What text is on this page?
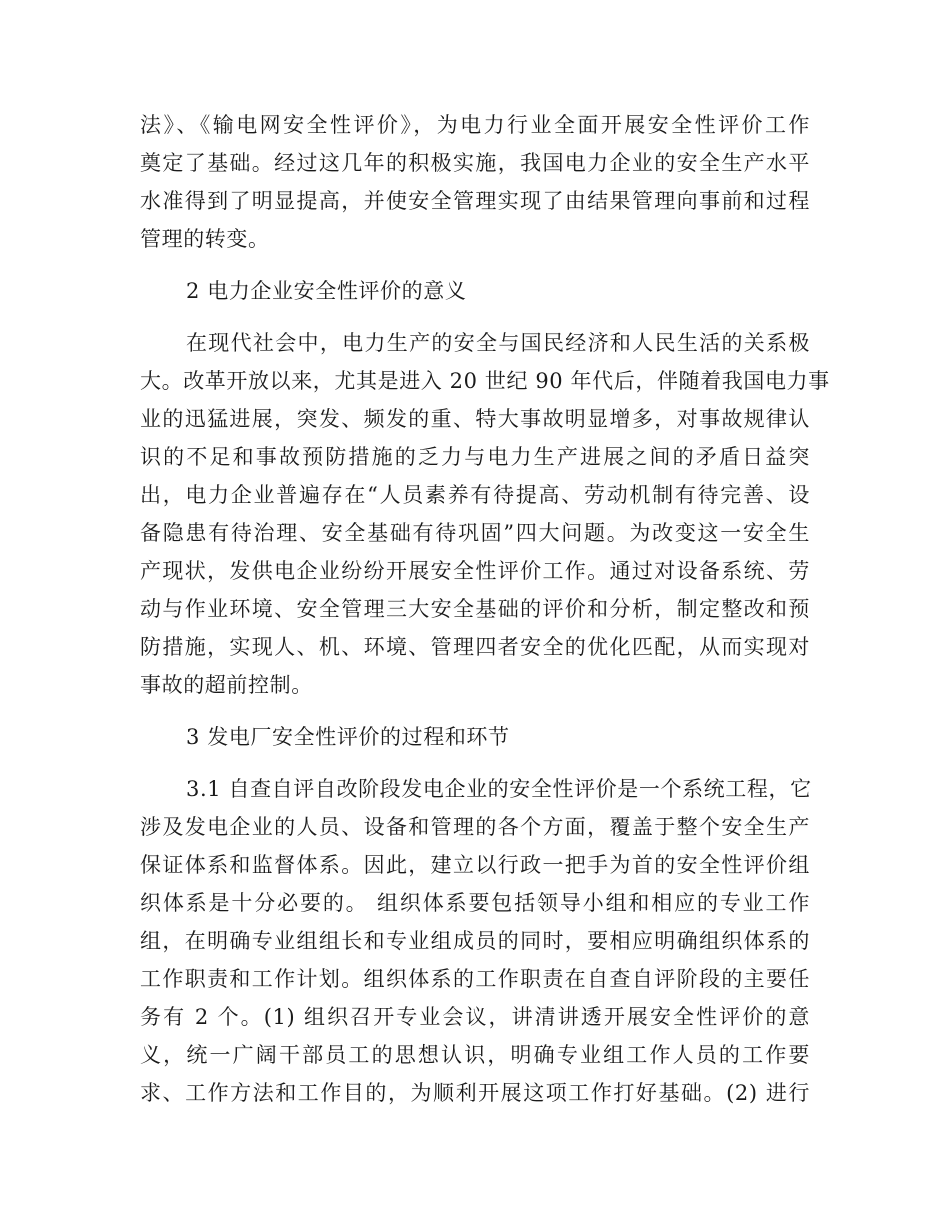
法》、《输电网安全性评价》，为电力行业全面开展安全性评价工作
奠定了基础。经过这几年的积极实施，我国电力企业的安全生产水平
水准得到了明显提高，并使安全管理实现了由结果管理向事前和过程
管理的转变。
2 电力企业安全性评价的意义
在现代社会中，电力生产的安全与国民经济和人民生活的关系极
大。改革开放以来，尤其是进入 20 世纪 90 年代后，伴随着我国电力事
业的迅猛进展，突发、频发的重、特大事故明显增多，对事故规律认
识的不足和事故预防措施的乏力与电力生产进展之间的矛盾日益突
出，电力企业普遍存在“人员素养有待提高、劳动机制有待完善、设
备隐患有待治理、安全基础有待巩固”四大问题。为改变这一安全生
产现状，发供电企业纷纷开展安全性评价工作。通过对设备系统、劳
动与作业环境、安全管理三大安全基础的评价和分析，制定整改和预
防措施，实现人、机、环境、管理四者安全的优化匹配，从而实现对
事故的超前控制。
3 发电厂安全性评价的过程和环节
3.1 自查自评自改阶段发电企业的安全性评价是一个系统工程，它
涉及发电企业的人员、设备和管理的各个方面，覆盖于整个安全生产
保证体系和监督体系。因此，建立以行政一把手为首的安全性评价组
织体系是十分必要的。 组织体系要包括领导小组和相应的专业工作
组，在明确专业组组长和专业组成员的同时，要相应明确组织体系的
工作职责和工作计划。组织体系的工作职责在自查自评阶段的主要任
务有 2 个。(1) 组织召开专业会议，讲清讲透开展安全性评价的意
义，统一广阔干部员工的思想认识，明确专业组工作人员的工作要
求、工作方法和工作目的，为顺利开展这项工作打好基础。(2) 进行
